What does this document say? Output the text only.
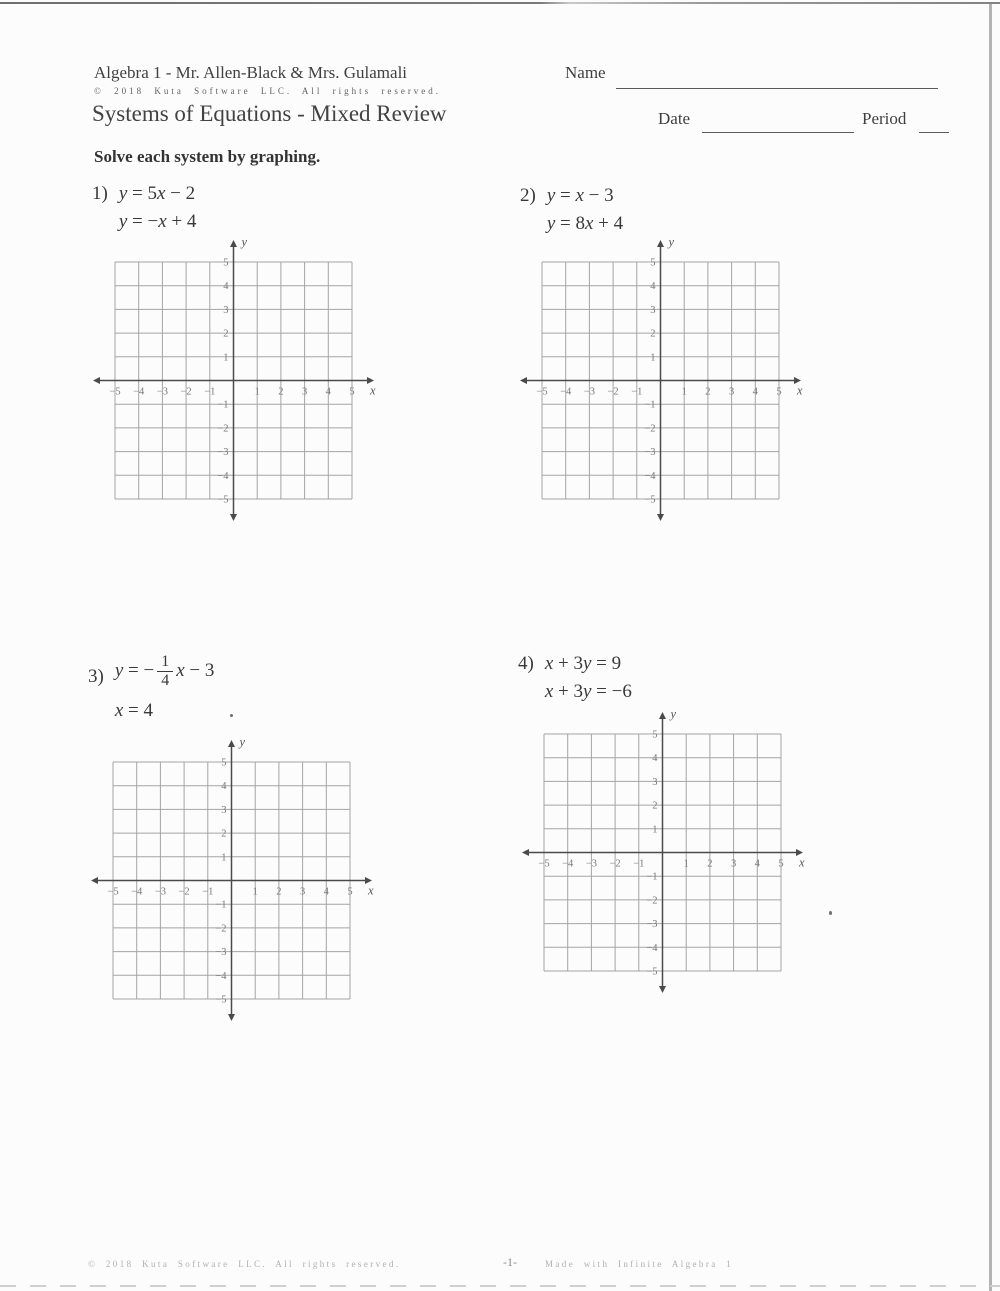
Algebra 1 - Mr. Allen-Black & Mrs. Gulamali	Name
© 2018 Kuta Software LLC. All rights reserved.
Systems of Equations - Mixed Review	Date	Period
Solve each system by graphing.
1) y = 5 x − 2
y = − x + 4
2) y = x − 3
y = 8 x + 4
3) y = − $\frac{1}{4}$ x − 3
x = 4
4) x + 3 y = 9
x + 3 y = −6
−5 −4 −3 −2 −1	1 2 3 4 5
−5
−4
−3
−2
−1
1
2
3
4
5
y
x	−5 −4 −3 −2 −1	1 2 3 4 5
−5
−4
−3
−2
−1
1
2
3
4
5
y
x
−5 −4 −3 −2 −1	1 2 3 4 5
−5
−4
−3
−2
−1
1
2
3
4
5
y
x
−5 −4 −3 −2 −1	1 2 3 4 5
−5
−4
−3
−2
−1
1
2
3
4
5
y
x
© 2018 Kuta Software LLC. All rights reserved.	-1-	Made with Infinite Algebra 1
